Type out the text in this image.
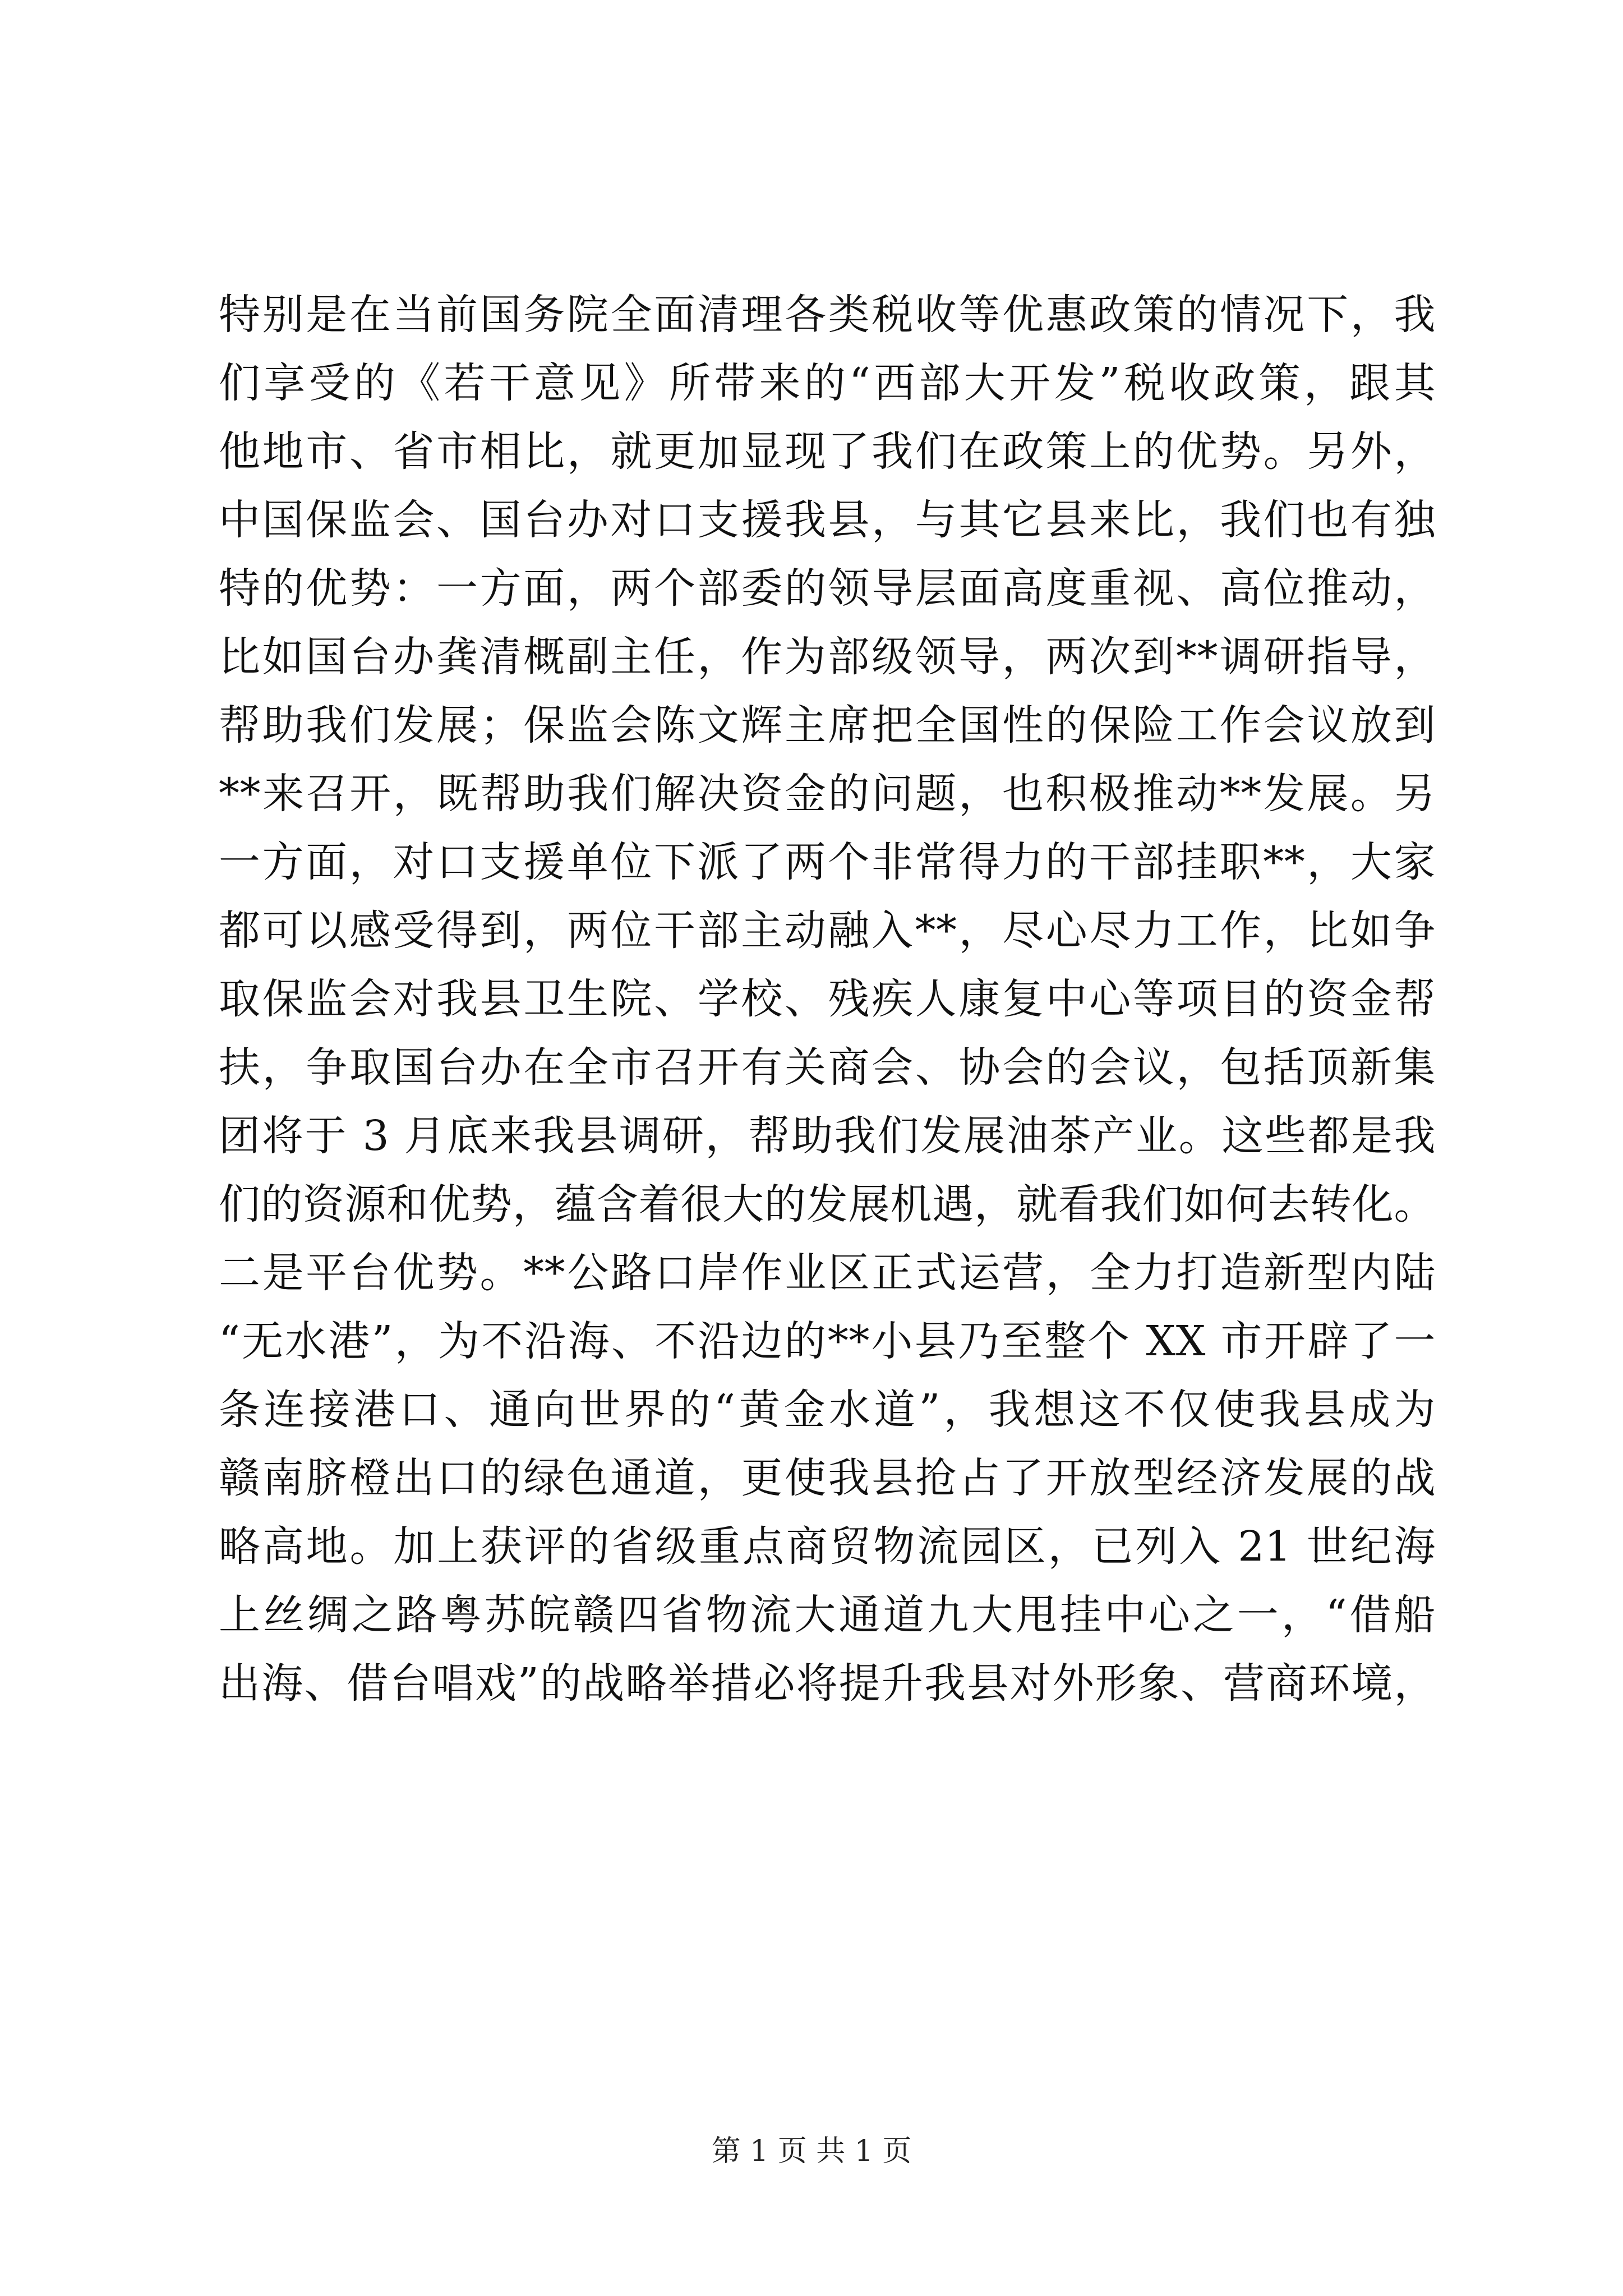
特别是在当前国务院全面清理各类税收等优惠政策的情况下，我
们享受的《若干意见》所带来的“西部大开发”税收政策，跟其
他地市、省市相比，就更加显现了我们在政策上的优势。另外，
中国保监会、国台办对口支援我县，与其它县来比，我们也有独
特的优势：一方面，两个部委的领导层面高度重视、高位推动，
比如国台办龚清概副主任，作为部级领导，两次到**调研指导，
帮助我们发展；保监会陈文辉主席把全国性的保险工作会议放到
**来召开，既帮助我们解决资金的问题，也积极推动**发展。另
一方面，对口支援单位下派了两个非常得力的干部挂职**，大家
都可以感受得到，两位干部主动融入**，尽心尽力工作，比如争
取保监会对我县卫生院、学校、残疾人康复中心等项目的资金帮
扶，争取国台办在全市召开有关商会、协会的会议，包括顶新集
团将于 3 月底来我县调研，帮助我们发展油茶产业。这些都是我
们的资源和优势，蕴含着很大的发展机遇，就看我们如何去转化。
二是平台优势。**公路口岸作业区正式运营，全力打造新型内陆
“无水港”，为不沿海、不沿边的**小县乃至整个 XX 市开辟了一
条连接港口、通向世界的“黄金水道”，我想这不仅使我县成为
赣南脐橙出口的绿色通道，更使我县抢占了开放型经济发展的战
略高地。加上获评的省级重点商贸物流园区，已列入 21 世纪海
上丝绸之路粤苏皖赣四省物流大通道九大甩挂中心之一，“借船
出海、借台唱戏”的战略举措必将提升我县对外形象、营商环境，
第 1 页 共 1 页
